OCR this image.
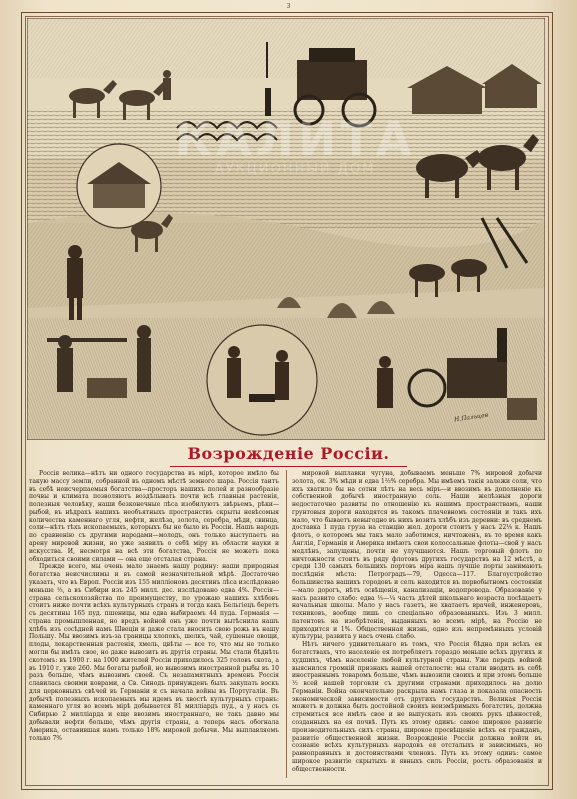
3
КАЛИТА
АУКЦИОННЫЙ ДОМ
Н.Пальцев
Возрожденіе Россіи.

Россія велика—нѣтъ ни одного государства въ мірѣ, которое имѣло бы такую массу земли, собранной въ одномъ мѣстѣ земного шара. Россія таитъ въ себѣ неисчерпаемыя богатства—просторъ нашихъ полей и разнообразіе почвы и климата позволяютъ воздѣлывать почти всѣ главныя растенія, полезныя человѣку, наши безконечные лѣса изобилуютъ звѣрьемъ, рѣки—рыбой, въ нѣдрахъ нашихъ необъятныхъ пространствъ скрыты невѣсомыя количества каменнаго угля, нефти, желѣза, золота, серебра, мѣди, свинца, соли—нѣтъ тѣхъ ископаемыхъ, которыхъ бы не было въ Россіи. Нашъ народъ по сравненію съ другими народами—молодъ, онъ только выступаетъ на арену мировой жизни, но уже заявилъ о себѣ міру въ области науки и искусства. И, несмотря на всѣ эти богатства, Россія не можетъ пока обходиться своими силами — она еще отсталая страна.

Прежде всего, мы очень мало знаемъ нашу родину: наши природныя богатства неисчислимы и въ самой незначительной мѣрѣ. Достаточно указать, что въ Европ. Россіи изъ 155 милліоновъ десятинъ лѣса изслѣдовано меньше ⅓, а въ Сибири изъ 245 милл. дес. изслѣдовано едва 4%. Россія—страна сельскохозяйства по преимуществу, по урожаю нашихъ хлѣбовъ стоитъ ниже почти всѣхъ культурныхъ странъ и тогда какъ Бельгіецъ беретъ съ десятины 165 пуд. пшеницы, мы едва выбираемъ 44 пуда. Германія — страна промышленная, но вредъ войной онъ уже почти вытѣснила нашъ хлѣбъ изъ сосѣдней намъ Швеціи и даже стала вносить свою рожь въ нашу Польшу. Мы ввозимъ изъ-за границы хлопокъ, шелкъ, чай, сушеные овощи, плоды, лекарственныя растенія, хмель, цвѣты — все то, что мы не только могли бы имѣть свое, но даже вывозить въ другія страны. Мы стали бѣднѣть скотомъ: въ 1900 г. на 1000 жителей Россіи приходилось 325 головъ скота, а въ 1910 г. уже 260. Мы богаты рыбой, но вывозимъ иностранной рыбы въ 10 разъ больше, чѣмъ вывозимъ своей. Съ незапамятныхъ временъ Россія славилась своими коврами, а Св. Синодъ принужденъ былъ закупать воскъ для церковныхъ свѣчей въ Германіи и съ начала войны въ Португаліи. Въ добычѣ полезныхъ ископаемыхъ мы идемъ въ хвостѣ культурныхъ странъ: каменнаго угля во всемъ мірѣ добывается 81 милліардъ пуд., а у насъ съ Сибирью 2 милліарда и еще ввозимъ иностраннаго, не такъ давно мы добывали нефти больше, чѣмъ другія страны, а теперь насъ обогнала Америка, оставившая намъ только 18% мировой добычи. Мы выплавляемъ только 7%

мировой выплавки чугуна, добываемъ меньше 7% мировой добычи золота, ок. 3% мѣди и едва 1⅔% серебра. Мы имѣемъ такія залежи соли, что ихъ хватило бы на сотни лѣтъ на весь міръ—и ввозимъ въ дополненіе къ собственной добычѣ иностранную соль. Наши желѣзныя дороги недостаточно развиты по отношенію къ нашимъ пространствамъ, наши грунтовыя дороги находятся въ такомъ плачевномъ состояніи и такъ ихъ мало, что бываетъ невыгодно въ нихъ возить хлѣбъ изъ деревни: въ среднемъ доставка 1 пуда груза на станцію жел. дороги стоитъ у насъ 22⅛ к. Нашъ флотъ, о которомъ мы такъ мало заботимся, ничтоженъ, въ то время какъ Англія, Германія и Америка имѣютъ свои колоссальные флоты—свой у насъ медлѣнъ, запущены, почти не улучшаются. Нашъ торговый флотъ по ничтожности стоитъ въ ряду флотовъ другихъ государствъ на 12 мѣстѣ, а среди 130 самыхъ большихъ портовъ міра нашъ лучшіе порты занимаютъ послѣднія мѣста: Петроградъ—79, Одесса—117. Благоустройство большинства нашихъ городовъ и селъ находится въ первобытномъ состояніи—мало дорогъ, нѣтъ освѣщенія, канализаціи, водопровода. Образованіе у насъ развито слабо: едва ⅕—¼ часть дѣтей школьнаго возраста посѣщаетъ начальныя школы. Мало у насъ газетъ, не хватаетъ врачей, инженеровъ, техниковъ, вообще лишь со спеціально образованныхъ. Изъ 3 милл. патентовъ на изобрѣтенія, выданныхъ во всемъ мірѣ, на Россію не приходится и 1%. Общественная жизнь, одно изъ непремѣнныхъ условій культуры, развита у насъ очень слабо.

Нѣтъ ничего удивительнаго въ томъ, что Россія бѣдна при всѣхъ ея богатствахъ, что населеніе ея потребляетъ гораздо меньше всѣхъ другихъ и худшихъ, чѣмъ населеніе любой культурной страны. Уже передъ войной выяснился громкій признакъ нашей отсталости: мы стали вводить въ себѣ иностраннымъ товаромъ больше, чѣмъ вывозили своихъ и при этомъ больше ½ всей нашей торговли съ другими странами приходилось на долю Германіи. Война окончательно раскрыла намъ глаза и показала опасность экономической зависимости отъ другихъ государствъ. Великая Россія можетъ и должна быть достойной своихъ неизмѣримыхъ богатствъ, должна стремиться все имѣть свое и не выпускать изъ своихъ рукъ цѣнностей, созданныхъ на ея почвѣ. Путь къ этому одинъ: самое широкое развитіе производительныхъ силъ страны, широкое просвѣщеніе всѣхъ ея гражданъ, развитіе общественной жизни. Возрожденіе Россіи должна войти въ сознаніе всѣхъ культурныхъ народовъ ея отсталыхъ и зависимыхъ, но равноправныхъ и достоинствами членовъ. Путь къ этому одинъ: самое широкое развитіе скрытыхъ и явныхъ силъ Россіи, ростъ образованія и общественности.
